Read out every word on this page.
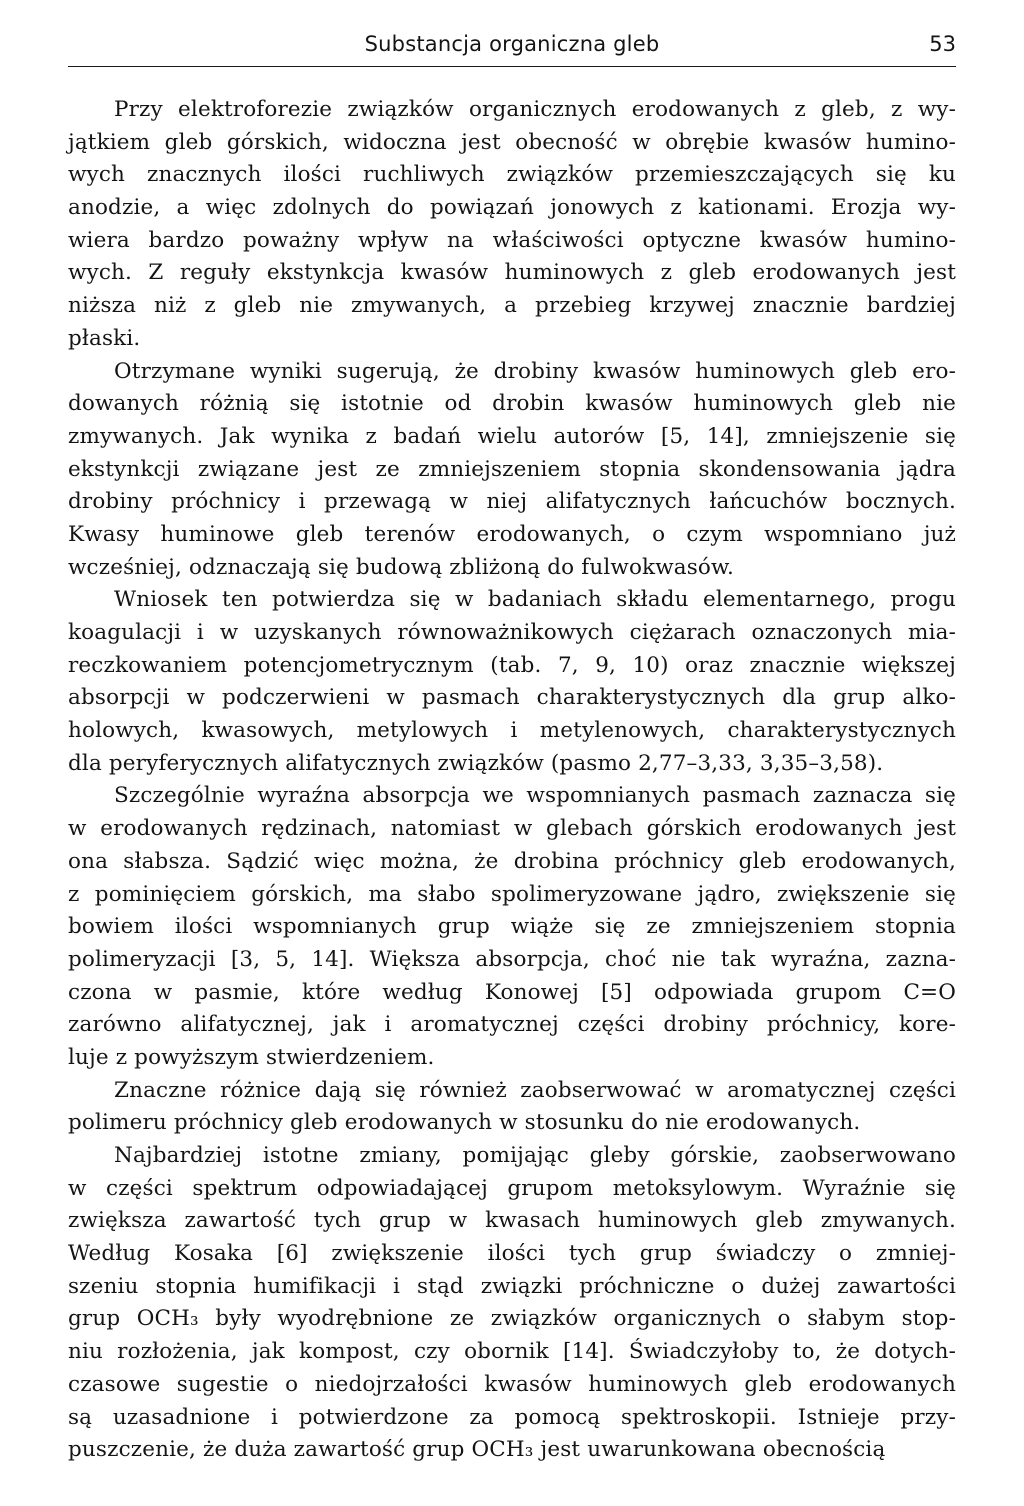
Substancja organiczna gleb	53
Przy elektroforezie związków organicznych erodowanych z gleb, z wy-
jątkiem gleb górskich, widoczna jest obecność w obrębie kwasów humino-
wych znacznych ilości ruchliwych związków przemieszczających się ku
anodzie, a więc zdolnych do powiązań jonowych z kationami. Erozja wy-
wiera bardzo poważny wpływ na właściwości optyczne kwasów humino-
wych. Z reguły ekstynkcja kwasów huminowych z gleb erodowanych jest
niższa niż z gleb nie zmywanych, a przebieg krzywej znacznie bardziej
płaski.
Otrzymane wyniki sugerują, że drobiny kwasów huminowych gleb ero-
dowanych różnią się istotnie od drobin kwasów huminowych gleb nie
zmywanych. Jak wynika z badań wielu autorów [5, 14], zmniejszenie się
ekstynkcji związane jest ze zmniejszeniem stopnia skondensowania jądra
drobiny próchnicy i przewagą w niej alifatycznych łańcuchów bocznych.
Kwasy huminowe gleb terenów erodowanych, o czym wspomniano już
wcześniej, odznaczają się budową zbliżoną do fulwokwasów.
Wniosek ten potwierdza się w badaniach składu elementarnego, progu
koagulacji i w uzyskanych równoważnikowych ciężarach oznaczonych mia-
reczkowaniem potencjometrycznym (tab. 7, 9, 10) oraz znacznie większej
absorpcji w podczerwieni w pasmach charakterystycznych dla grup alko-
holowych, kwasowych, metylowych i metylenowych, charakterystycznych
dla peryferycznych alifatycznych związków (pasmo 2,77–3,33, 3,35–3,58).
Szczególnie wyraźna absorpcja we wspomnianych pasmach zaznacza się
w erodowanych rędzinach, natomiast w glebach górskich erodowanych jest
ona słabsza. Sądzić więc można, że drobina próchnicy gleb erodowanych,
z pominięciem górskich, ma słabo spolimeryzowane jądro, zwiększenie się
bowiem ilości wspomnianych grup wiąże się ze zmniejszeniem stopnia
polimeryzacji [3, 5, 14]. Większa absorpcja, choć nie tak wyraźna, zazna-
czona w pasmie, które według Konowej [5] odpowiada grupom C=O
zarówno alifatycznej, jak i aromatycznej części drobiny próchnicy, kore-
luje z powyższym stwierdzeniem.
Znaczne różnice dają się również zaobserwować w aromatycznej części
polimeru próchnicy gleb erodowanych w stosunku do nie erodowanych.
Najbardziej istotne zmiany, pomijając gleby górskie, zaobserwowano
w części spektrum odpowiadającej grupom metoksylowym. Wyraźnie się
zwiększa zawartość tych grup w kwasach huminowych gleb zmywanych.
Według Kosaka [6] zwiększenie ilości tych grup świadczy o zmniej-
szeniu stopnia humifikacji i stąd związki próchniczne o dużej zawartości
grup OCH₃ były wyodrębnione ze związków organicznych o słabym stop-
niu rozłożenia, jak kompost, czy obornik [14]. Świadczyłoby to, że dotych-
czasowe sugestie o niedojrzałości kwasów huminowych gleb erodowanych
są uzasadnione i potwierdzone za pomocą spektroskopii. Istnieje przy-
puszczenie, że duża zawartość grup OCH₃ jest uwarunkowana obecnością
